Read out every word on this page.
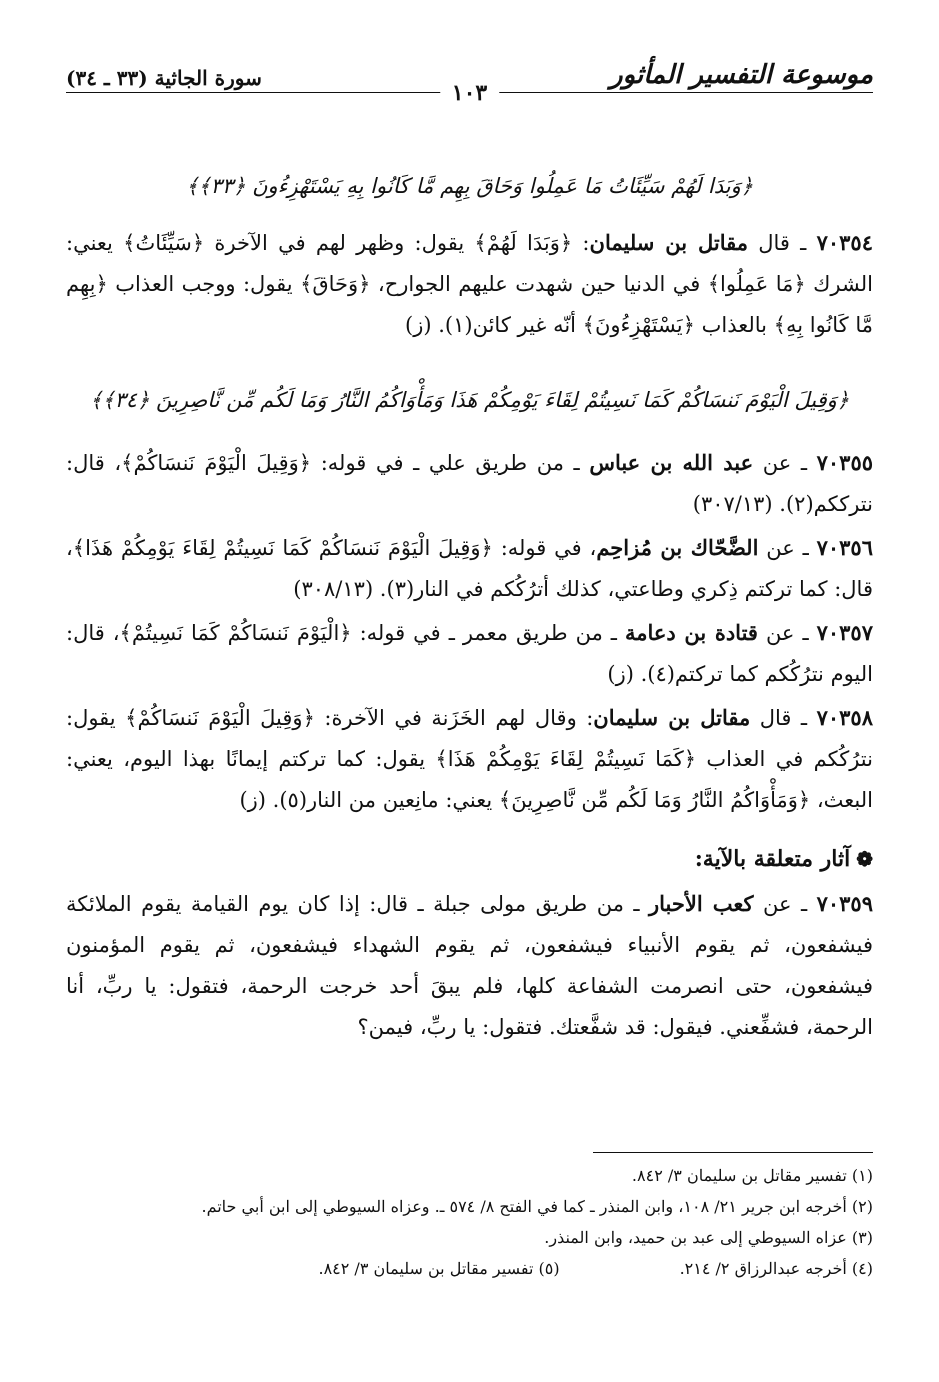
موسوعة التفسير المأثور
١٠٣
سورة الجاثية (٣٣ ـ ٣٤)

﴿وَبَدَا لَهُمْ سَيِّئَاتُ مَا عَمِلُوا وَحَاقَ بِهِم مَّا كَانُوا بِهِ يَسْتَهْزِءُونَ ﴿٣٣﴾﴾

٧٠٣٥٤ ـ قال مقاتل بن سليمان: ﴿وَبَدَا لَهُمْ﴾ يقول: وظهر لهم في الآخرة ﴿سَيِّئَاتُ﴾ يعني: الشرك ﴿مَا عَمِلُوا﴾ في الدنيا حين شهدت عليهم الجوارح، ﴿وَحَاقَ﴾ يقول: ووجب العذاب ﴿بِهِم مَّا كَانُوا بِهِ﴾ بالعذاب ﴿يَسْتَهْزِءُونَ﴾ أنّه غير كائن(١). (ز)

﴿وَقِيلَ الْيَوْمَ نَنسَاكُمْ كَمَا نَسِيتُمْ لِقَاءَ يَوْمِكُمْ هَذَا وَمَأْوَاكُمُ النَّارُ وَمَا لَكُم مِّن نَّاصِرِينَ ﴿٣٤﴾﴾

٧٠٣٥٥ ـ عن عبد الله بن عباس ـ من طريق علي ـ في قوله: ﴿وَقِيلَ الْيَوْمَ نَنسَاكُمْ﴾، قال: نترككم(٢). (٣٠٧/١٣)

٧٠٣٥٦ ـ عن الضَّحّاك بن مُزاحِم، في قوله: ﴿وَقِيلَ الْيَوْمَ نَنسَاكُمْ كَمَا نَسِيتُمْ لِقَاءَ يَوْمِكُمْ هَذَا﴾، قال: كما تركتم ذِكري وطاعتي، كذلك أترُكُكم في النار(٣). (٣٠٨/١٣)

٧٠٣٥٧ ـ عن قتادة بن دعامة ـ من طريق معمر ـ في قوله: ﴿الْيَوْمَ نَنسَاكُمْ كَمَا نَسِيتُمْ﴾، قال: اليوم نترُكُكم كما تركتم(٤). (ز)

٧٠٣٥٨ ـ قال مقاتل بن سليمان: وقال لهم الخَزَنة في الآخرة: ﴿وَقِيلَ الْيَوْمَ نَنسَاكُمْ﴾ يقول: نترُكُكم في العذاب ﴿كَمَا نَسِيتُمْ لِقَاءَ يَوْمِكُمْ هَذَا﴾ يقول: كما تركتم إيمانًا بهذا اليوم، يعني: البعث، ﴿وَمَأْوَاكُمُ النَّارُ وَمَا لَكُم مِّن نَّاصِرِينَ﴾ يعني: مانِعين من النار(٥). (ز)

❁آثار متعلقة بالآية:

٧٠٣٥٩ ـ عن كعب الأحبار ـ من طريق مولى جبلة ـ قال: إذا كان يوم القيامة يقوم الملائكة فيشفعون، ثم يقوم الأنبياء فيشفعون، ثم يقوم الشهداء فيشفعون، ثم يقوم المؤمنون فيشفعون، حتى انصرمت الشفاعة كلها، فلم يبقَ أحد خرجت الرحمة، فتقول: يا ربِّ، أنا الرحمة، فشفِّعني. فيقول: قد شفَّعتك. فتقول: يا ربِّ، فيمن؟

(١) تفسير مقاتل بن سليمان ٣/ ٨٤٢.
(٢) أخرجه ابن جرير ٢١/ ١٠٨، وابن المنذر ـ كما في الفتح ٨/ ٥٧٤ ـ. وعزاه السيوطي إلى ابن أبي حاتم.
(٣) عزاه السيوطي إلى عبد بن حميد، وابن المنذر.
(٤) أخرجه عبدالرزاق ٢/ ٢١٤.
(٥) تفسير مقاتل بن سليمان ٣/ ٨٤٢.
